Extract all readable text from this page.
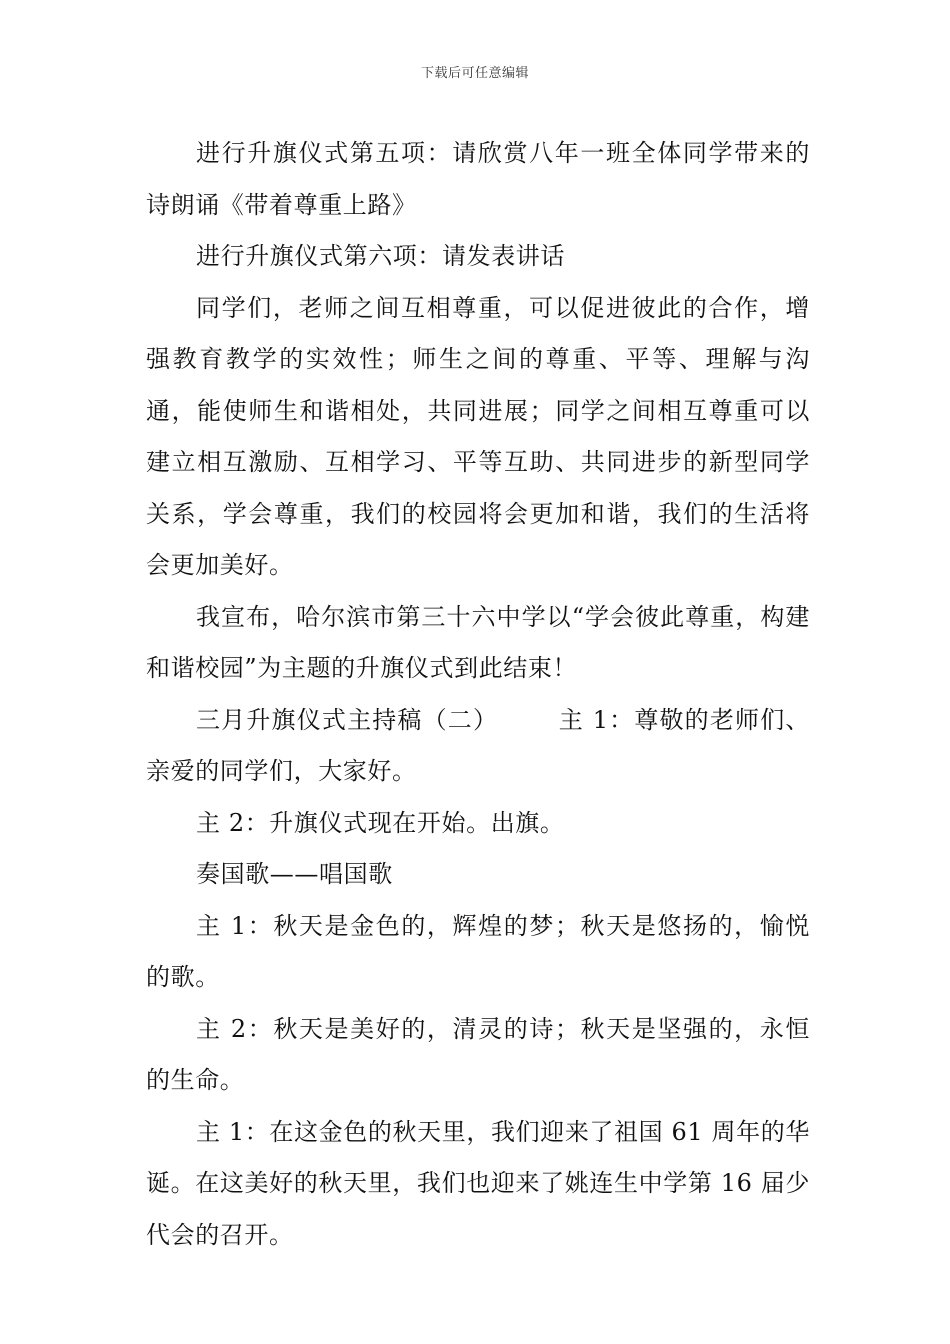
下载后可任意编辑

进行升旗仪式第五项：请欣赏八年一班全体同学带来的诗朗诵《带着尊重上路》

进行升旗仪式第六项：请发表讲话

同学们，老师之间互相尊重，可以促进彼此的合作，增强教育教学的实效性；师生之间的尊重、平等、理解与沟通，能使师生和谐相处，共同进展；同学之间相互尊重可以建立相互激励、互相学习、平等互助、共同进步的新型同学关系，学会尊重，我们的校园将会更加和谐，我们的生活将会更加美好。

我宣布，哈尔滨市第三十六中学以“学会彼此尊重，构建和谐校园”为主题的升旗仪式到此结束！

三月升旗仪式主持稿（二）	主 1：尊敬的老师们、亲爱的同学们，大家好。

主 2：升旗仪式现在开始。出旗。

奏国歌——唱国歌

主 1：秋天是金色的，辉煌的梦；秋天是悠扬的，愉悦的歌。

主 2：秋天是美好的，清灵的诗；秋天是坚强的，永恒的生命。

主 1：在这金色的秋天里，我们迎来了祖国 61 周年的华诞。在这美好的秋天里，我们也迎来了姚连生中学第 16 届少代会的召开。
